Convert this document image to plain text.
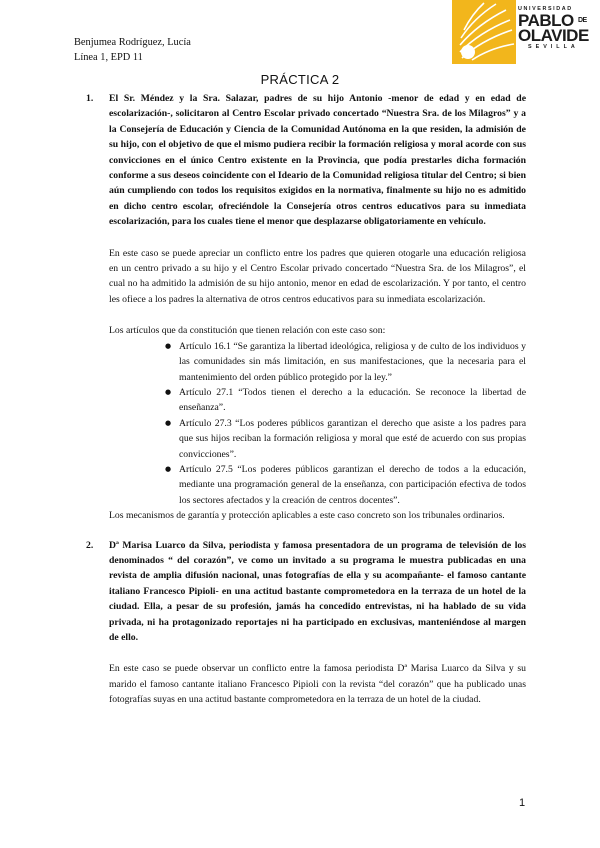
Benjumea Rodríguez, Lucía
Línea 1, EPD 11
UNIVERSIDAD
PABLO $^{DE}$
OLAVIDE
SEVILLA
PRÁCTICA 2
1. El Sr. Méndez y la Sra. Salazar, padres de su hijo Antonio -menor de edad y en edad de escolarización-, solicitaron al Centro Escolar privado concertado “Nuestra Sra. de los Milagros” y a la Consejería de Educación y Ciencia de la Comunidad Autónoma en la que residen, la admisión de su hijo, con el objetivo de que el mismo pudiera recibir la formación religiosa y moral acorde con sus convicciones en el único Centro existente en la Provincia, que podía prestarles dicha formación conforme a sus deseos coincidente con el Ideario de la Comunidad religiosa titular del Centro; si bien aún cumpliendo con todos los requisitos exigidos en la normativa, finalmente su hijo no es admitido en dicho centro escolar, ofreciéndole la Consejería otros centros educativos para su inmediata escolarización, para los cuales tiene el menor que desplazarse obligatoriamente en vehículo.
En este caso se puede apreciar un conflicto entre los padres que quieren otogarle una educación religiosa en un centro privado a su hijo y el Centro Escolar privado concertado “Nuestra Sra. de los Milagros”, el cual no ha admitido la admisión de su hijo antonio, menor en edad de escolarización. Y por tanto, el centro les ofiece a los padres la alternativa de otros centros educativos para su inmediata escolarización.
Los artículos que da constitución que tienen relación con este caso son:
● Artículo 16.1 “Se garantiza la libertad ideológica, religiosa y de culto de los individuos y las comunidades sin más limitación, en sus manifestaciones, que la necesaria para el mantenimiento del orden público protegido por la ley.”
● Artículo 27.1 “Todos tienen el derecho a la educación. Se reconoce la libertad de enseñanza”.
● Artículo 27.3 “Los poderes públicos garantizan el derecho que asiste a los padres para que sus hijos reciban la formación religiosa y moral que esté de acuerdo con sus propias convicciones”.
● Artículo 27.5 “Los poderes públicos garantizan el derecho de todos a la educación, mediante una programación general de la enseñanza, con participación efectiva de todos los sectores afectados y la creación de centros docentes”.
Los mecanismos de garantía y protección aplicables a este caso concreto son los tribunales ordinarios.
2. Dª Marisa Luarco da Silva, periodista y famosa presentadora de un programa de televisión de los denominados “ del corazón”, ve como un invitado a su programa le muestra publicadas en una revista de amplia difusión nacional, unas fotografías de ella y su acompañante- el famoso cantante italiano Francesco Pipioli- en una actitud bastante comprometedora en la terraza de un hotel de la ciudad. Ella, a pesar de su profesión, jamás ha concedido entrevistas, ni ha hablado de su vida privada, ni ha protagonizado reportajes ni ha participado en exclusivas, manteniéndose al margen de ello.
En este caso se puede observar un conflicto entre la famosa periodista Dª Marisa Luarco da Silva y su marido el famoso cantante italiano Francesco Pipioli con la revista “del corazón” que ha publicado unas fotografías suyas en una actitud bastante comprometedora en la terraza de un hotel de la ciudad.
1
